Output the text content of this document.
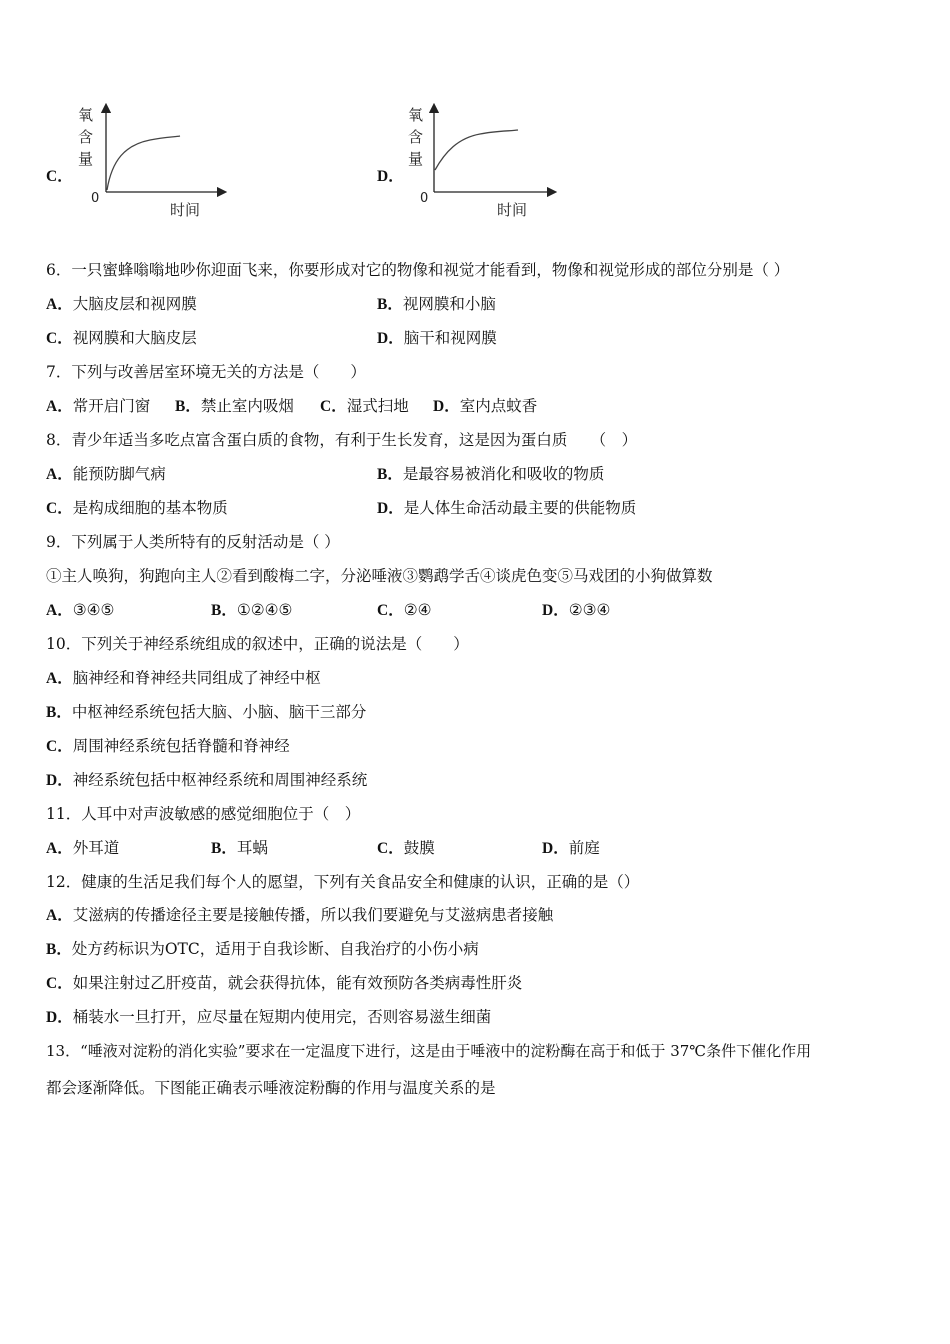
C．
氧
含
量
0
时间
D．
氧
含
量
0
时间
6．一只蜜蜂嗡嗡地吵你迎面飞来，你要形成对它的物像和视觉才能看到，物像和视觉形成的部位分别是（ ）
A．大脑皮层和视网膜	B．视网膜和小脑
C．视网膜和大脑皮层	D．脑干和视网膜
7．下列与改善居室环境无关的方法是（　　）
A．常开启门窗 B．禁止室内吸烟 C．湿式扫地 D．室内点蚊香
8．青少年适当多吃点富含蛋白质的食物，有利于生长发育，这是因为蛋白质　　（　）
A．能预防脚气病	B．是最容易被消化和吸收的物质
C．是构成细胞的基本物质	D．是人体生命活动最主要的供能物质
9．下列属于人类所特有的反射活动是（ ）
①主人唤狗，狗跑向主人②看到酸梅二字，分泌唾液③鹦鹉学舌④谈虎色变⑤马戏团的小狗做算数
A．③④⑤	B．①②④⑤	C．②④	D．②③④
10．下列关于神经系统组成的叙述中，正确的说法是（　　）
A．脑神经和脊神经共同组成了神经中枢
B．中枢神经系统包括大脑、小脑、脑干三部分
C．周围神经系统包括脊髓和脊神经
D．神经系统包括中枢神经系统和周围神经系统
11．人耳中对声波敏感的感觉细胞位于（　）
A．外耳道	B．耳蜗	C．鼓膜	D．前庭
12．健康的生活足我们每个人的愿望，下列有关食品安全和健康的认识，正确的是（）
A．艾滋病的传播途径主要是接触传播，所以我们要避免与艾滋病患者接触
B．处方药标识为OTC，适用于自我诊断、自我治疗的小伤小病
C．如果注射过乙肝疫苗，就会获得抗体，能有效预防各类病毒性肝炎
D．桶装水一旦打开，应尽量在短期内使用完，否则容易滋生细菌
13．“唾液对淀粉的消化实验”要求在一定温度下进行，这是由于唾液中的淀粉酶在高于和低于 37℃条件下催化作用
都会逐渐降低。下图能正确表示唾液淀粉酶的作用与温度关系的是
